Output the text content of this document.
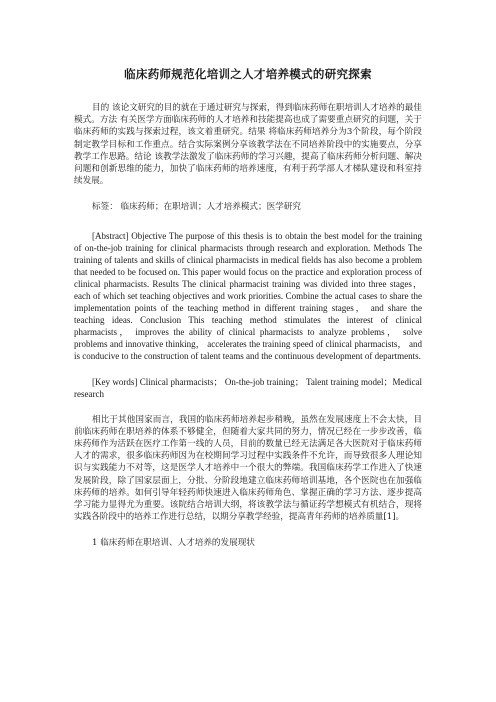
临床药师规范化培训之人才培养模式的研究探索

目的 该论文研究的目的就在于通过研究与探索，得到临床药师在职培训人才培养的最佳模式。方法 有关医学方面临床药师的人才培养和技能提高也成了需要重点研究的问题，关于临床药师的实践与探索过程，该文着重研究。结果 将临床药师培养分为3个阶段，每个阶段制定教学目标和工作重点。结合实际案例分享该教学法在不同培养阶段中的实施要点，分享教学工作思路。结论 该教学法激发了临床药师的学习兴趣，提高了临床药师分析问题、解决问题和创新思维的能力，加快了临床药师的培养速度，有利于药学部人才梯队建设和科室持续发展。

标签： 临床药师；在职培训；人才培养模式；医学研究

[Abstract] Objective The purpose of this thesis is to obtain the best model for the training of on-the-job training for clinical pharmacists through research and exploration. Methods The training of talents and skills of clinical pharmacists in medical fields has also become a problem that needed to be focused on. This paper would focus on the practice and exploration process of clinical pharmacists. Results The clinical pharmacist training was divided into three stages， each of which set teaching objectives and work priorities. Combine the actual cases to share the implementation points of the teaching method in different training stages， and share the teaching ideas. Conclusion This teaching method stimulates the interest of clinical pharmacists， improves the ability of clinical pharmacists to analyze problems， solve problems and innovative thinking， accelerates the training speed of clinical pharmacists， and is conducive to the construction of talent teams and the continuous development of departments.

[Key words] Clinical pharmacists； On-the-job training； Talent training model；Medical research

相比于其他国家而言，我国的临床药师培养起步稍晚，虽然在发展速度上不会太快，目前临床药师在职培养的体系不够健全，但随着大家共同的努力，情况已经在一步步改善，临床药师作为活跃在医疗工作第一线的人员，目前的数量已经无法满足各大医院对于临床药师人才的需求，很多临床药师因为在校期间学习过程中实践条件不允许，而导致很多人理论知识与实践能力不对等，这是医学人才培养中一个很大的弊端。我国临床药学工作进入了快速发展阶段，除了国家层面上，分批、分阶段地建立临床药师培训基地，各个医院也在加强临床药师的培养。如何引导年轻药师快速进入临床药师角色、掌握正确的学习方法、逐步提高学习能力显得尤为重要。该院结合培训大纲，将该教学法与循证药学想模式有机结合，现将实践各阶段中的培养工作进行总结，以期分享教学经验，提高青年药师的培养质量[1]。

1 临床药师在职培训、人才培养的发展现状
